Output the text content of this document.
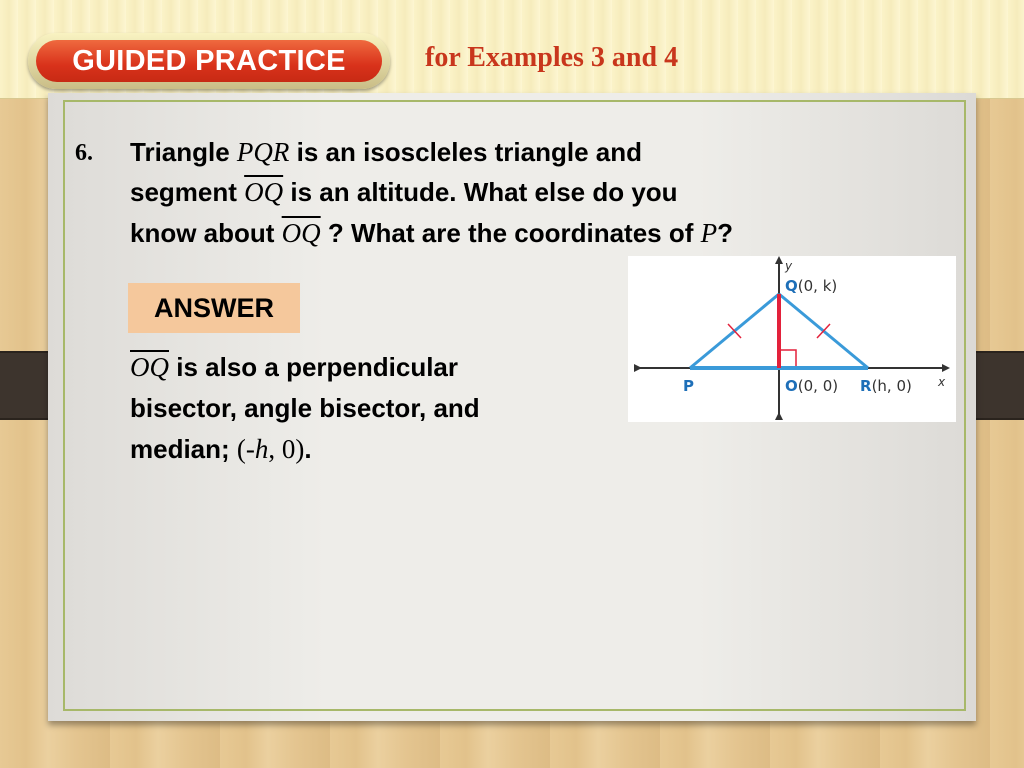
GUIDED PRACTICE	for Examples 3 and 4
6. Triangle PQR is an isoscleles triangle and
segment $\overline{OQ}$ is an altitude. What else do you
know about $\overline{OQ}$ ? What are the coordinates of P?
ANSWER
$\overline{OQ}$ is also a perpendicular
bisector, angle bisector, and
median; (-h, 0).
y
x
Q(0, k)
P	O(0, 0) R(h, 0)
